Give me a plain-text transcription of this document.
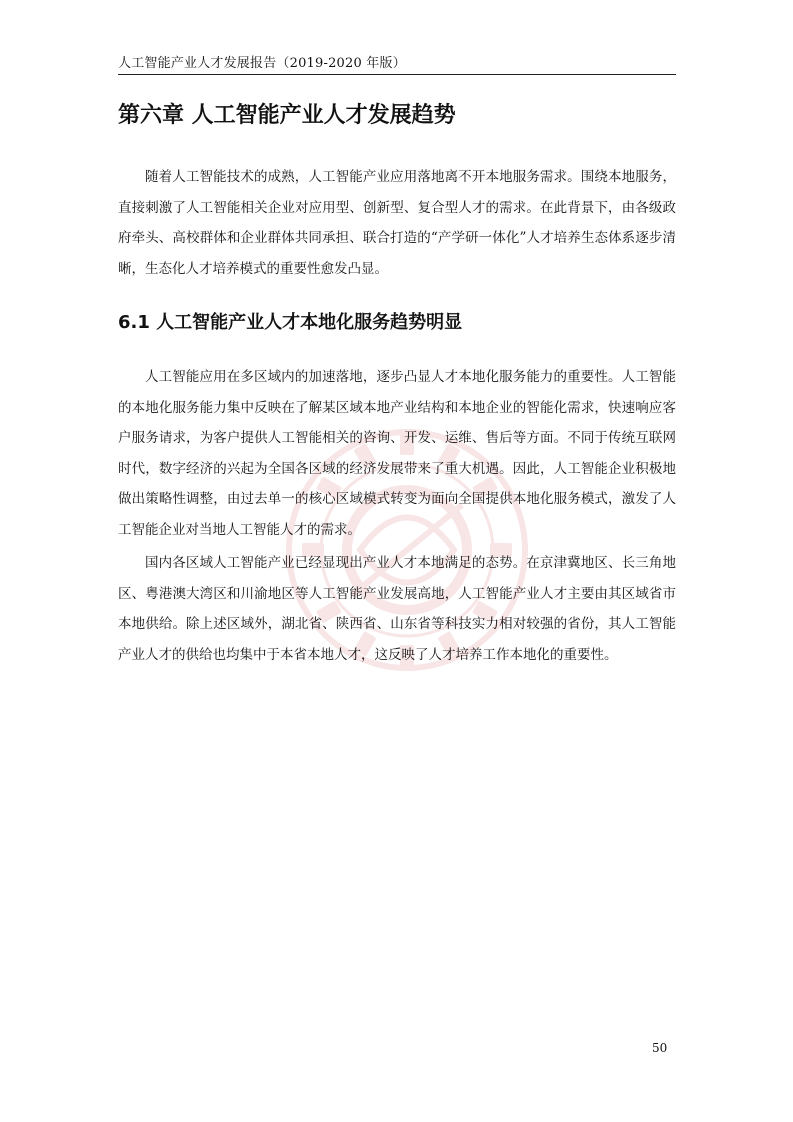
人工智能产业人才发展报告（2019-2020 年版）
第六章 人工智能产业人才发展趋势

随着人工智能技术的成熟，人工智能产业应用落地离不开本地服务需求。围绕本地服务，直接刺激了人工智能相关企业对应用型、创新型、复合型人才的需求。在此背景下，由各级政府牵头、高校群体和企业群体共同承担、联合打造的“产学研一体化”人才培养生态体系逐步清晰，生态化人才培养模式的重要性愈发凸显。

6.1 人工智能产业人才本地化服务趋势明显

人工智能应用在多区域内的加速落地，逐步凸显人才本地化服务能力的重要性。人工智能的本地化服务能力集中反映在了解某区域本地产业结构和本地企业的智能化需求，快速响应客户服务请求，为客户提供人工智能相关的咨询、开发、运维、售后等方面。不同于传统互联网时代，数字经济的兴起为全国各区域的经济发展带来了重大机遇。因此，人工智能企业积极地做出策略性调整，由过去单一的核心区域模式转变为面向全国提供本地化服务模式，激发了人工智能企业对当地人工智能人才的需求。

国内各区域人工智能产业已经显现出产业人才本地满足的态势。在京津冀地区、长三角地区、粤港澳大湾区和川渝地区等人工智能产业发展高地，人工智能产业人才主要由其区域省市本地供给。除上述区域外，湖北省、陕西省、山东省等科技实力相对较强的省份，其人工智能产业人才的供给也均集中于本省本地人才，这反映了人才培养工作本地化的重要性。

50
